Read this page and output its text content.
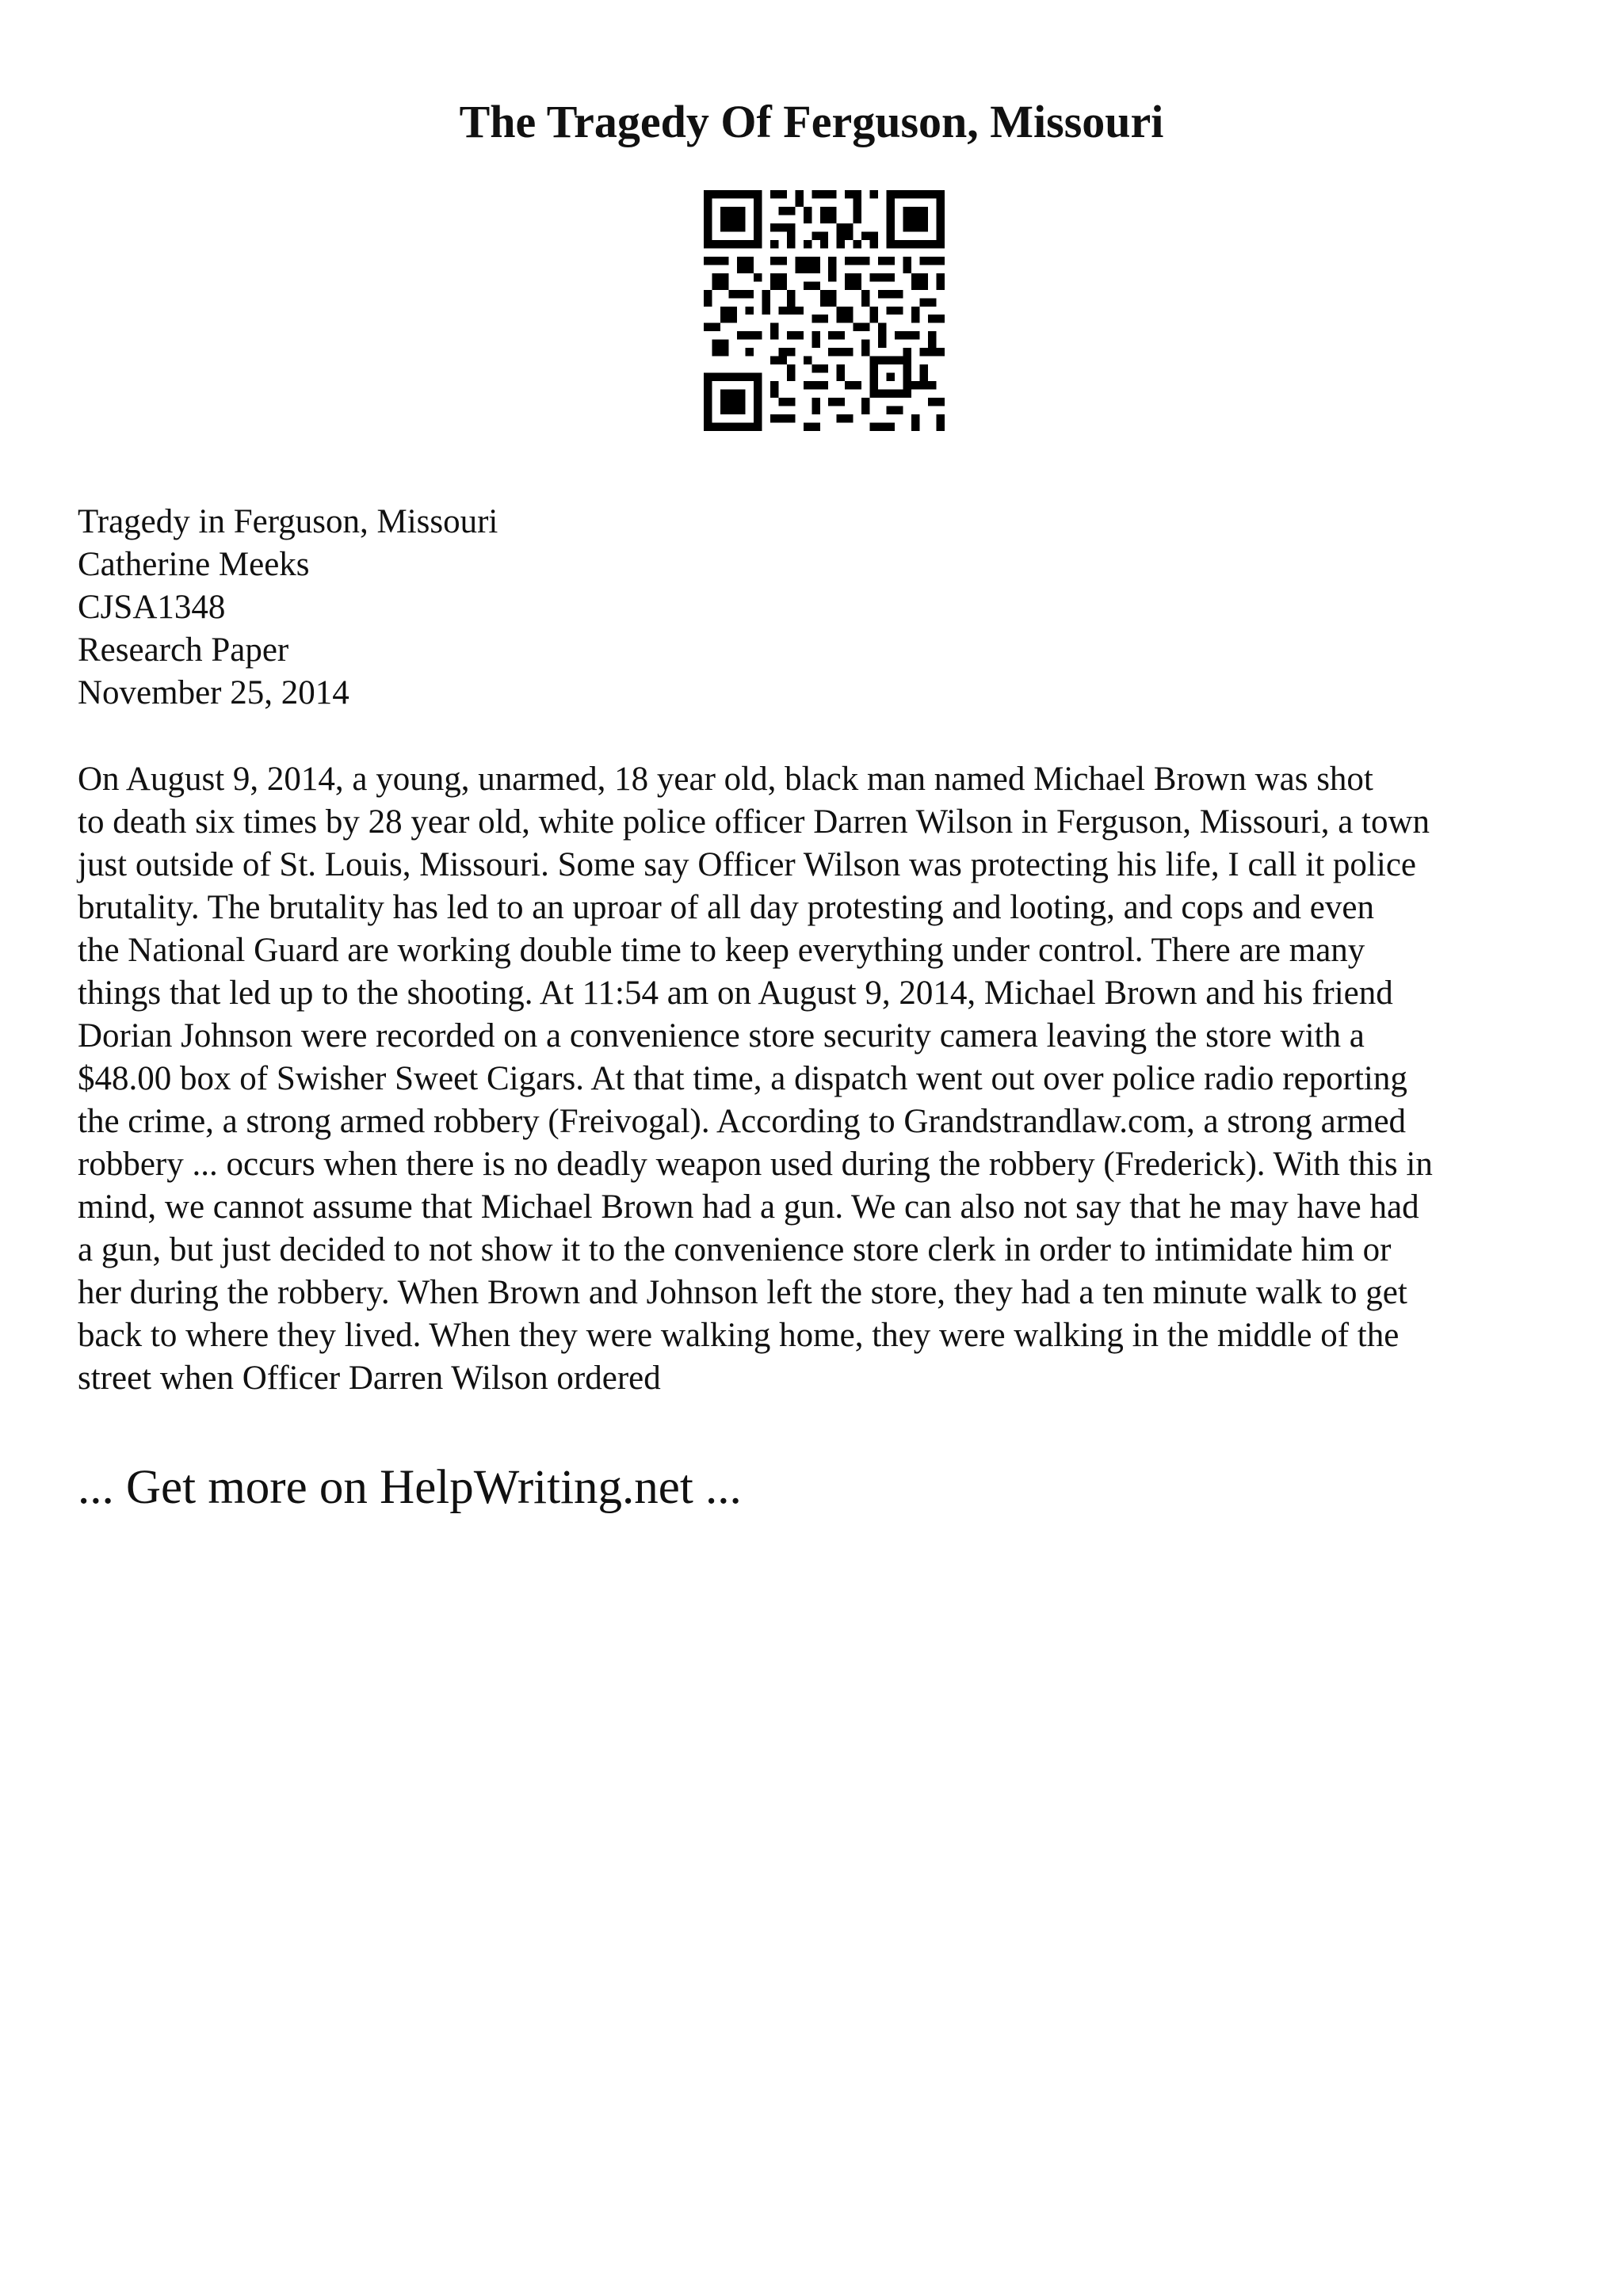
The Tragedy Of Ferguson, Missouri
Tragedy in Ferguson, Missouri
Catherine Meeks
CJSA1348
Research Paper
November 25, 2014
On August 9, 2014, a young, unarmed, 18 year old, black man named Michael Brown was shot
to death six times by 28 year old, white police officer Darren Wilson in Ferguson, Missouri, a town
just outside of St. Louis, Missouri. Some say Officer Wilson was protecting his life, I call it police
brutality. The brutality has led to an uproar of all day protesting and looting, and cops and even
the National Guard are working double time to keep everything under control. There are many
things that led up to the shooting. At 11:54 am on August 9, 2014, Michael Brown and his friend
Dorian Johnson were recorded on a convenience store security camera leaving the store with a
$48.00 box of Swisher Sweet Cigars. At that time, a dispatch went out over police radio reporting
the crime, a strong armed robbery (Freivogal). According to Grandstrandlaw.com, a strong armed
robbery ... occurs when there is no deadly weapon used during the robbery (Frederick). With this in
mind, we cannot assume that Michael Brown had a gun. We can also not say that he may have had
a gun, but just decided to not show it to the convenience store clerk in order to intimidate him or
her during the robbery. When Brown and Johnson left the store, they had a ten minute walk to get
back to where they lived. When they were walking home, they were walking in the middle of the
street when Officer Darren Wilson ordered
... Get more on HelpWriting.net ...
